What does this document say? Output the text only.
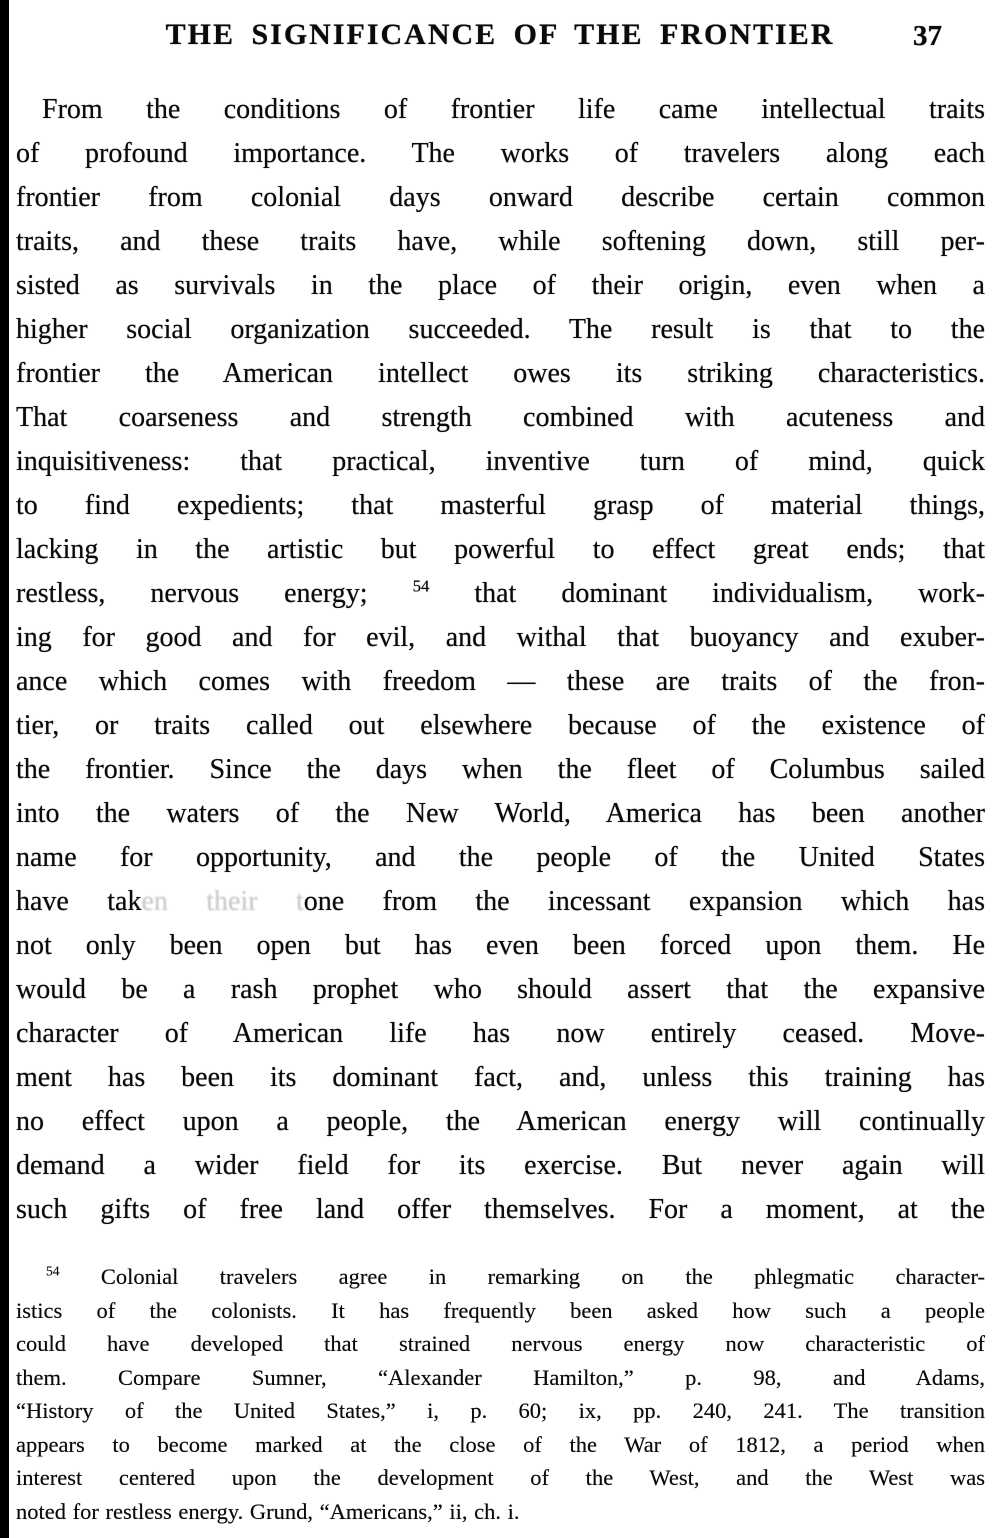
THE SIGNIFICANCE OF THE FRONTIER	37
From the conditions of frontier life came intellectual traits
of profound importance. The works of travelers along each
frontier from colonial days onward describe certain common
traits, and these traits have, while softening down, still per-
sisted as survivals in the place of their origin, even when a
higher social organization succeeded. The result is that to the
frontier the American intellect owes its striking characteristics.
That coarseness and strength combined with acuteness and
inquisitiveness: that practical, inventive turn of mind, quick
to find expedients; that masterful grasp of material things,
lacking in the artistic but powerful to effect great ends; that
restless, nervous energy; $^{54}$ that dominant individualism, work-
ing for good and for evil, and withal that buoyancy and exuber-
ance which comes with freedom — these are traits of the fron-
tier, or traits called out elsewhere because of the existence of
the frontier. Since the days when the fleet of Columbus sailed
into the waters of the New World, America has been another
name for opportunity, and the people of the United States
have taken their tone from the incessant expansion which has
not only been open but has even been forced upon them. He
would be a rash prophet who should assert that the expansive
character of American life has now entirely ceased. Move-
ment has been its dominant fact, and, unless this training has
no effect upon a people, the American energy will continually
demand a wider field for its exercise. But never again will
such gifts of free land offer themselves. For a moment, at the
$^{54}$ Colonial travelers agree in remarking on the phlegmatic character-
istics of the colonists. It has frequently been asked how such a people
could have developed that strained nervous energy now characteristic of
them. Compare Sumner, “Alexander Hamilton,” p. 98, and Adams,
“History of the United States,” i, p. 60; ix, pp. 240, 241. The transition
appears to become marked at the close of the War of 1812, a period when
interest centered upon the development of the West, and the West was
noted for restless energy. Grund, “Americans,” ii, ch. i.
